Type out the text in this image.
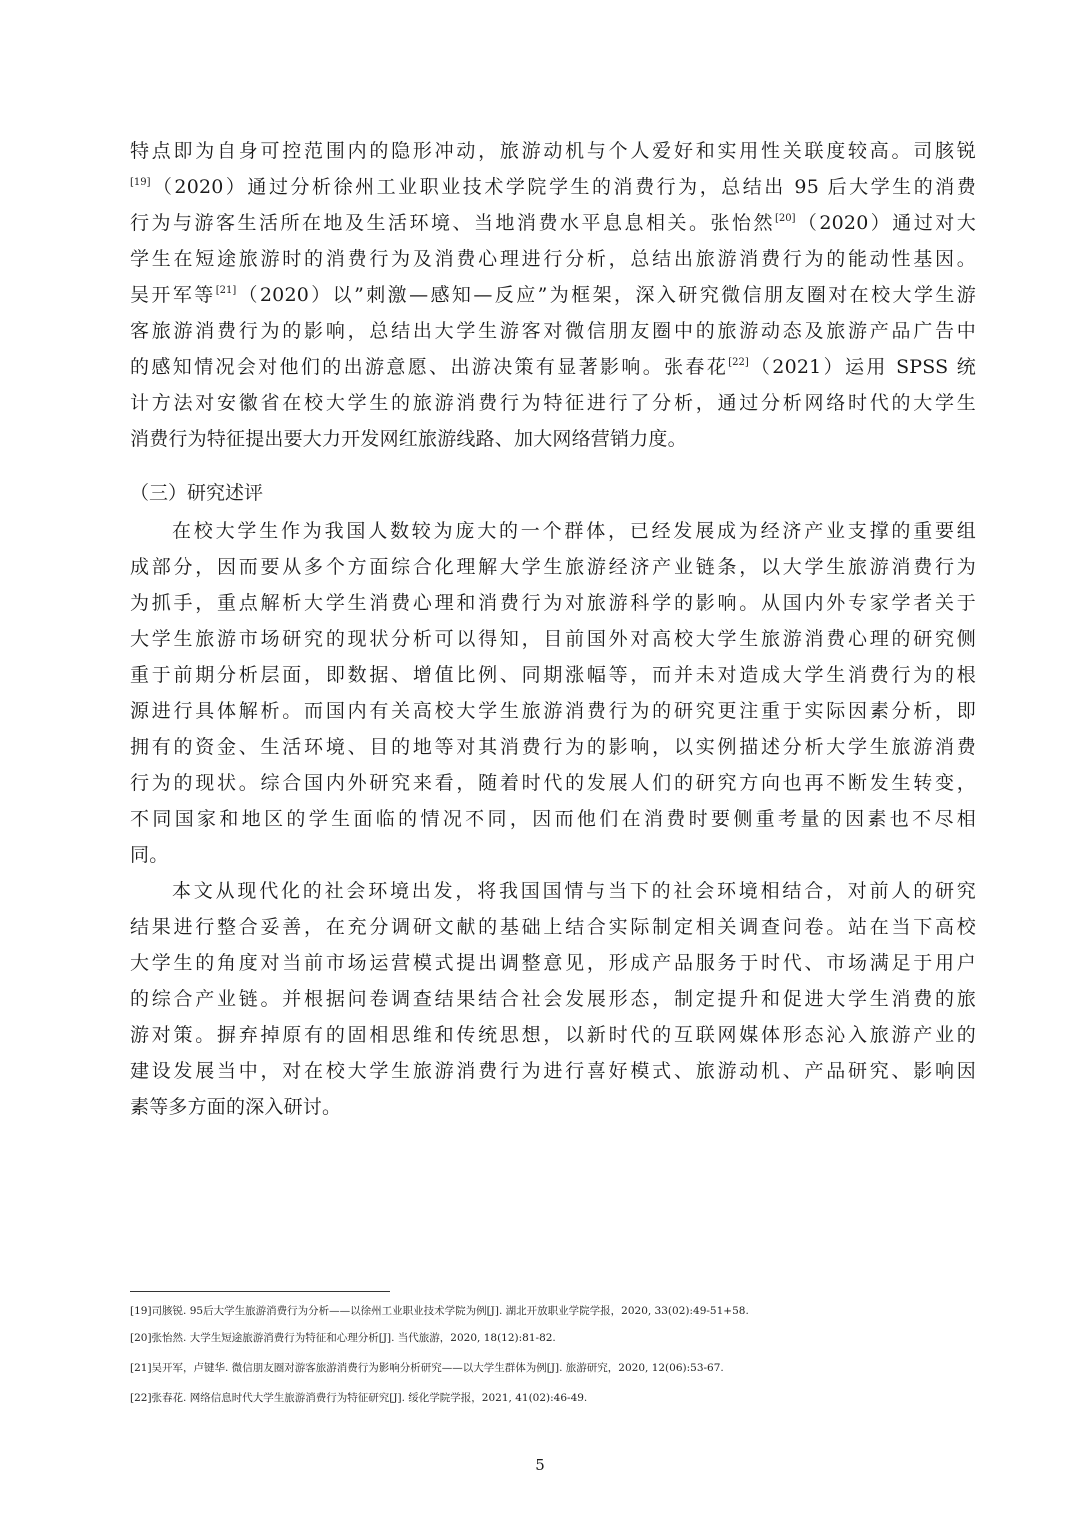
特点即为自身可控范围内的隐形冲动，旅游动机与个人爱好和实用性关联度较高。司胲锐
[19]（2020）通过分析徐州工业职业技术学院学生的消费行为，总结出 95 后大学生的消费
行为与游客生活所在地及生活环境、当地消费水平息息相关。张怡然[20]（2020）通过对大
学生在短途旅游时的消费行为及消费心理进行分析，总结出旅游消费行为的能动性基因。
吴开军等[21]（2020）以”刺激—感知—反应”为框架，深入研究微信朋友圈对在校大学生游
客旅游消费行为的影响，总结出大学生游客对微信朋友圈中的旅游动态及旅游产品广告中
的感知情况会对他们的出游意愿、出游决策有显著影响。张春花[22]（2021）运用 SPSS 统
计方法对安徽省在校大学生的旅游消费行为特征进行了分析，通过分析网络时代的大学生
消费行为特征提出要大力开发网红旅游线路、加大网络营销力度。
（三）研究述评
在校大学生作为我国人数较为庞大的一个群体，已经发展成为经济产业支撑的重要组
成部分，因而要从多个方面综合化理解大学生旅游经济产业链条，以大学生旅游消费行为
为抓手，重点解析大学生消费心理和消费行为对旅游科学的影响。从国内外专家学者关于
大学生旅游市场研究的现状分析可以得知，目前国外对高校大学生旅游消费心理的研究侧
重于前期分析层面，即数据、增值比例、同期涨幅等，而并未对造成大学生消费行为的根
源进行具体解析。而国内有关高校大学生旅游消费行为的研究更注重于实际因素分析，即
拥有的资金、生活环境、目的地等对其消费行为的影响，以实例描述分析大学生旅游消费
行为的现状。综合国内外研究来看，随着时代的发展人们的研究方向也再不断发生转变，
不同国家和地区的学生面临的情况不同，因而他们在消费时要侧重考量的因素也不尽相
同。
本文从现代化的社会环境出发，将我国国情与当下的社会环境相结合，对前人的研究
结果进行整合妥善，在充分调研文献的基础上结合实际制定相关调查问卷。站在当下高校
大学生的角度对当前市场运营模式提出调整意见，形成产品服务于时代、市场满足于用户
的综合产业链。并根据问卷调查结果结合社会发展形态，制定提升和促进大学生消费的旅
游对策。摒弃掉原有的固相思维和传统思想，以新时代的互联网媒体形态沁入旅游产业的
建设发展当中，对在校大学生旅游消费行为进行喜好模式、旅游动机、产品研究、影响因
素等多方面的深入研讨。
[19]司胲锐. 95后大学生旅游消费行为分析——以徐州工业职业技术学院为例[J]. 湖北开放职业学院学报，2020, 33(02):49-51+58.
[20]张怡然. 大学生短途旅游消费行为特征和心理分析[J]. 当代旅游，2020, 18(12):81-82.
[21]吴开军，卢键华. 微信朋友圈对游客旅游消费行为影响分析研究——以大学生群体为例[J]. 旅游研究，2020, 12(06):53-67.
[22]张春花. 网络信息时代大学生旅游消费行为特征研究[J]. 绥化学院学报，2021, 41(02):46-49.
5
